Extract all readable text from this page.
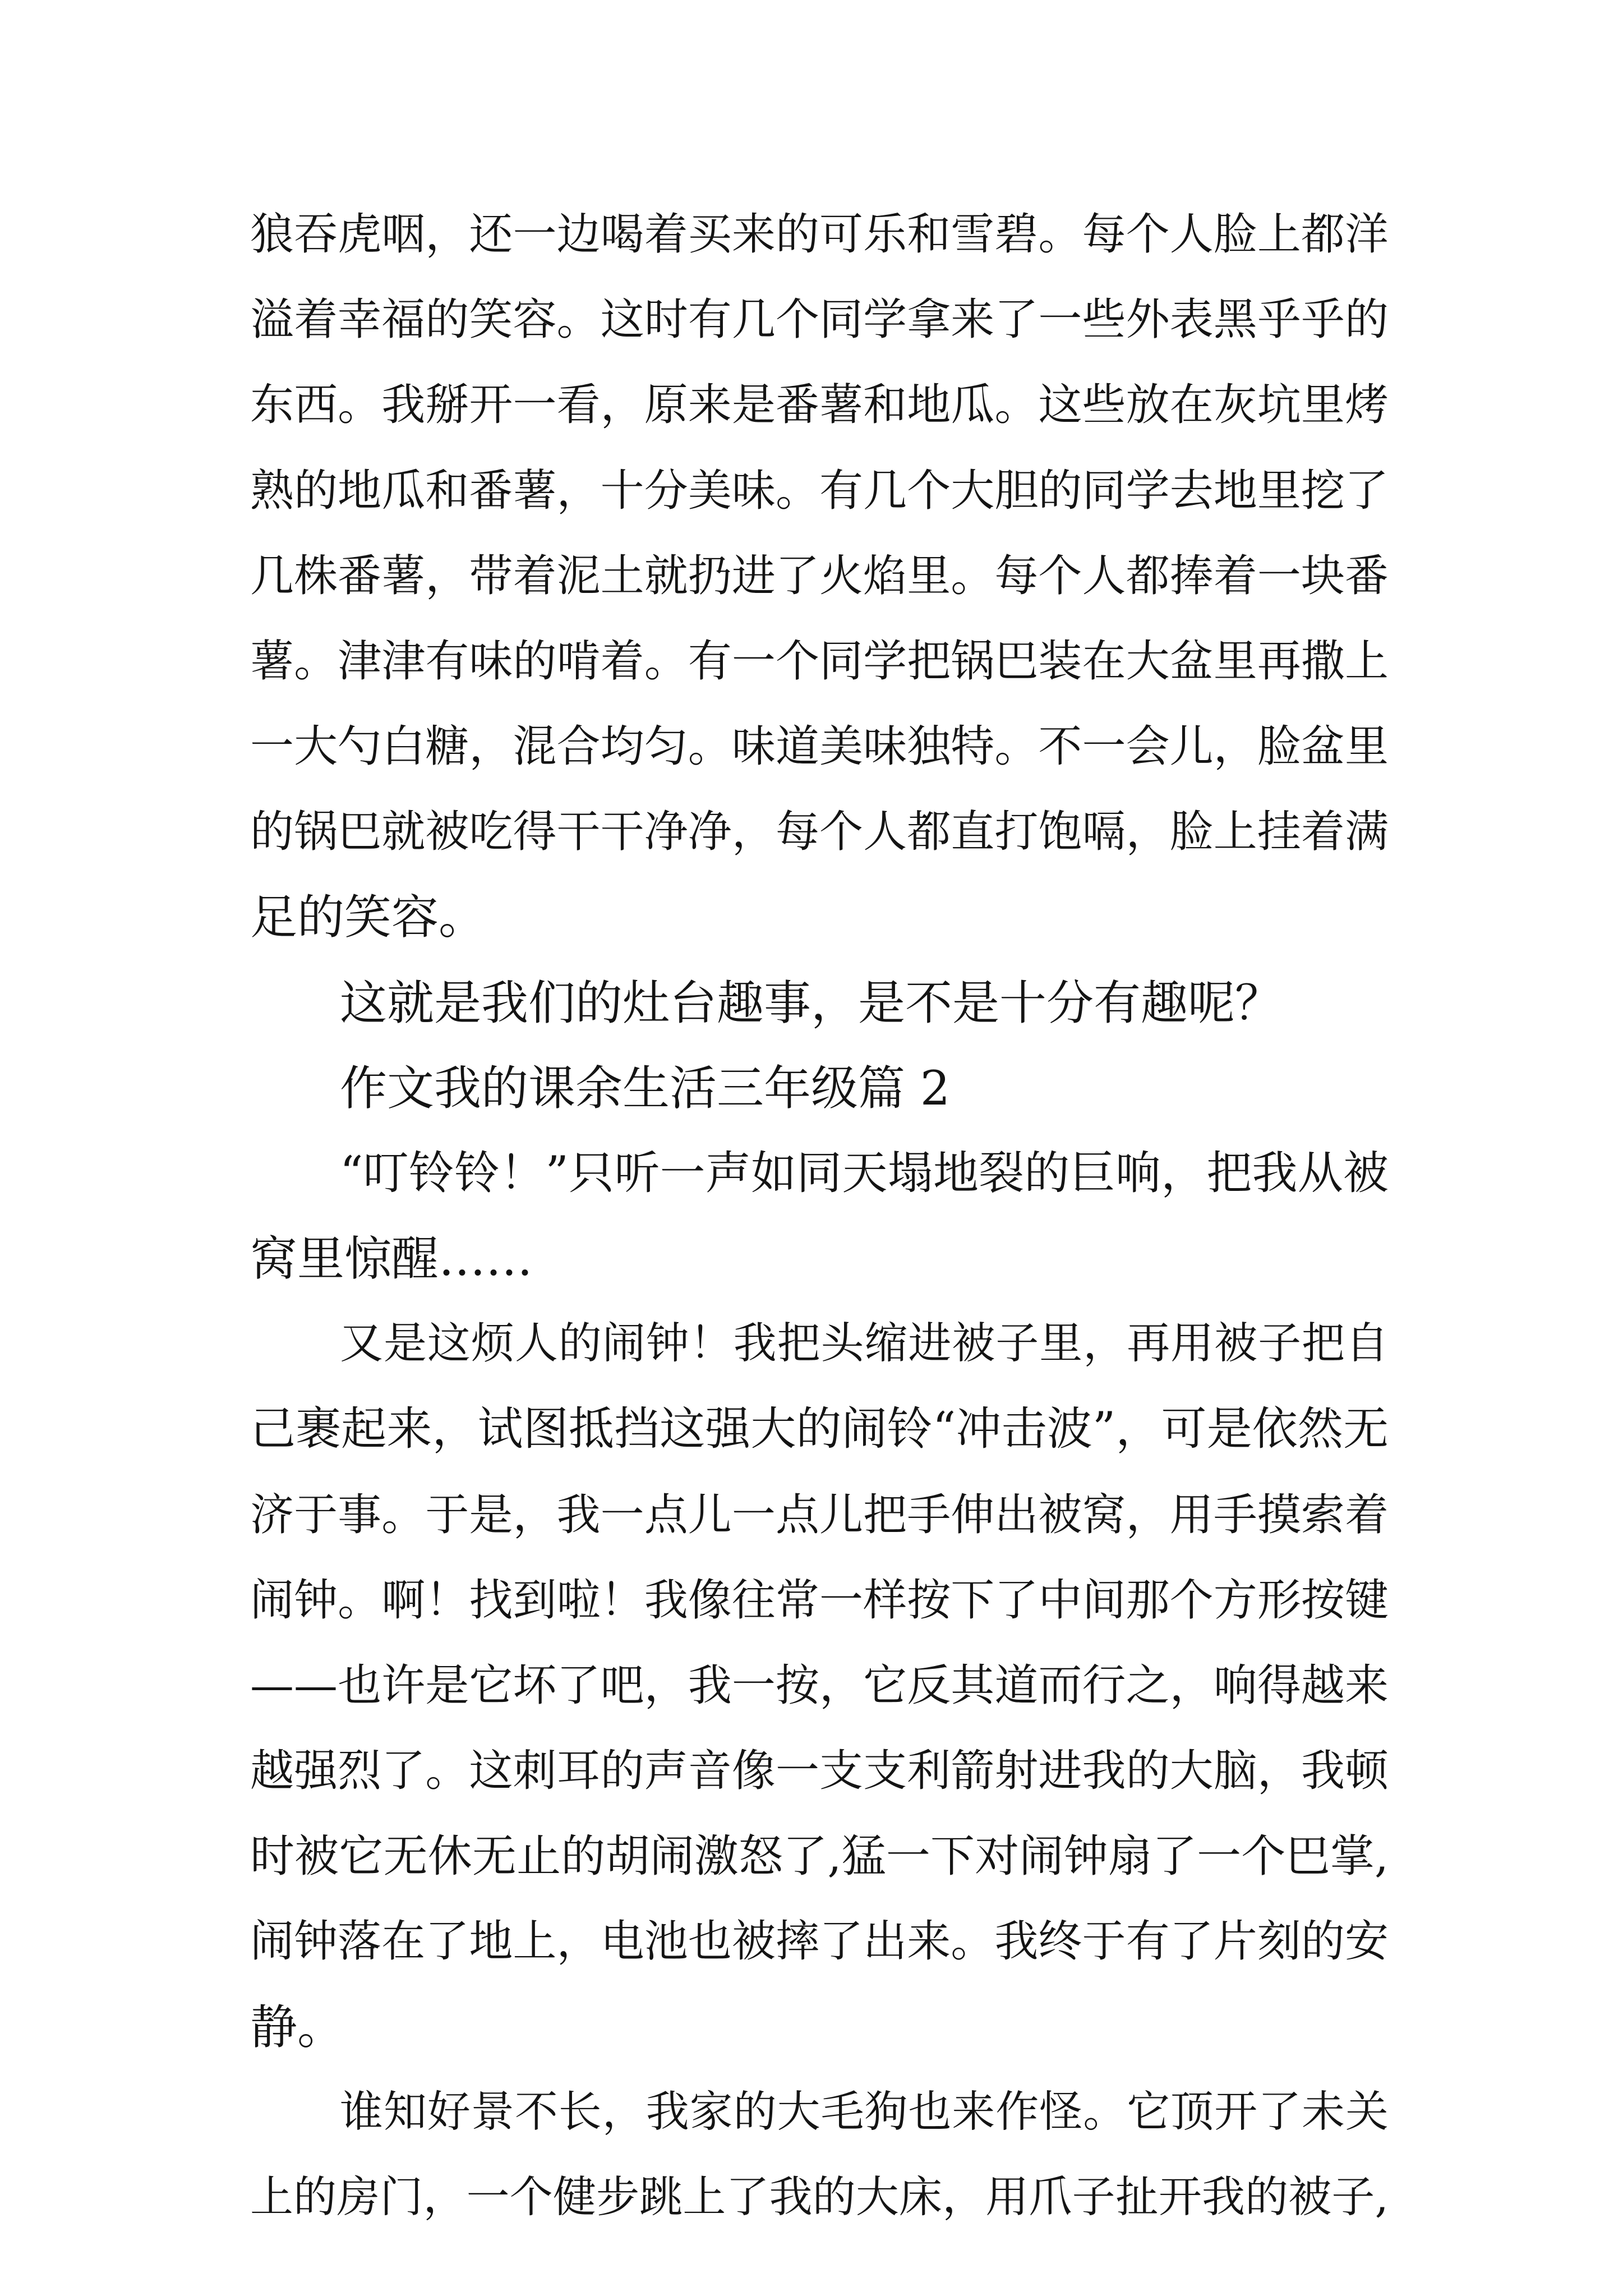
狼吞虎咽，还一边喝着买来的可乐和雪碧。每个人脸上都洋

溢着幸福的笑容。这时有几个同学拿来了一些外表黑乎乎的

东西。我掰开一看，原来是番薯和地瓜。这些放在灰坑里烤

熟的地瓜和番薯，十分美味。有几个大胆的同学去地里挖了

几株番薯，带着泥土就扔进了火焰里。每个人都捧着一块番

薯。津津有味的啃着。有一个同学把锅巴装在大盆里再撒上

一大勺白糖，混合均匀。味道美味独特。不一会儿，脸盆里

的锅巴就被吃得干干净净，每个人都直打饱嗝，脸上挂着满

足的笑容。

这就是我们的灶台趣事，是不是十分有趣呢？

作文我的课余生活三年级篇 2

“叮铃铃！”只听一声如同天塌地裂的巨响，把我从被

窝里惊醒……

又是这烦人的闹钟！我把头缩进被子里，再用被子把自

己裹起来，试图抵挡这强大的闹铃“冲击波”，可是依然无

济于事。于是，我一点儿一点儿把手伸出被窝，用手摸索着

闹钟。啊！找到啦！我像往常一样按下了中间那个方形按键

——也许是它坏了吧，我一按，它反其道而行之，响得越来

越强烈了。这刺耳的声音像一支支利箭射进我的大脑，我顿

时被它无休无止的胡闹激怒了,猛一下对闹钟扇了一个巴掌,

闹钟落在了地上，电池也被摔了出来。我终于有了片刻的安

静。

谁知好景不长，我家的大毛狗也来作怪。它顶开了未关

上的房门，一个健步跳上了我的大床，用爪子扯开我的被子,
